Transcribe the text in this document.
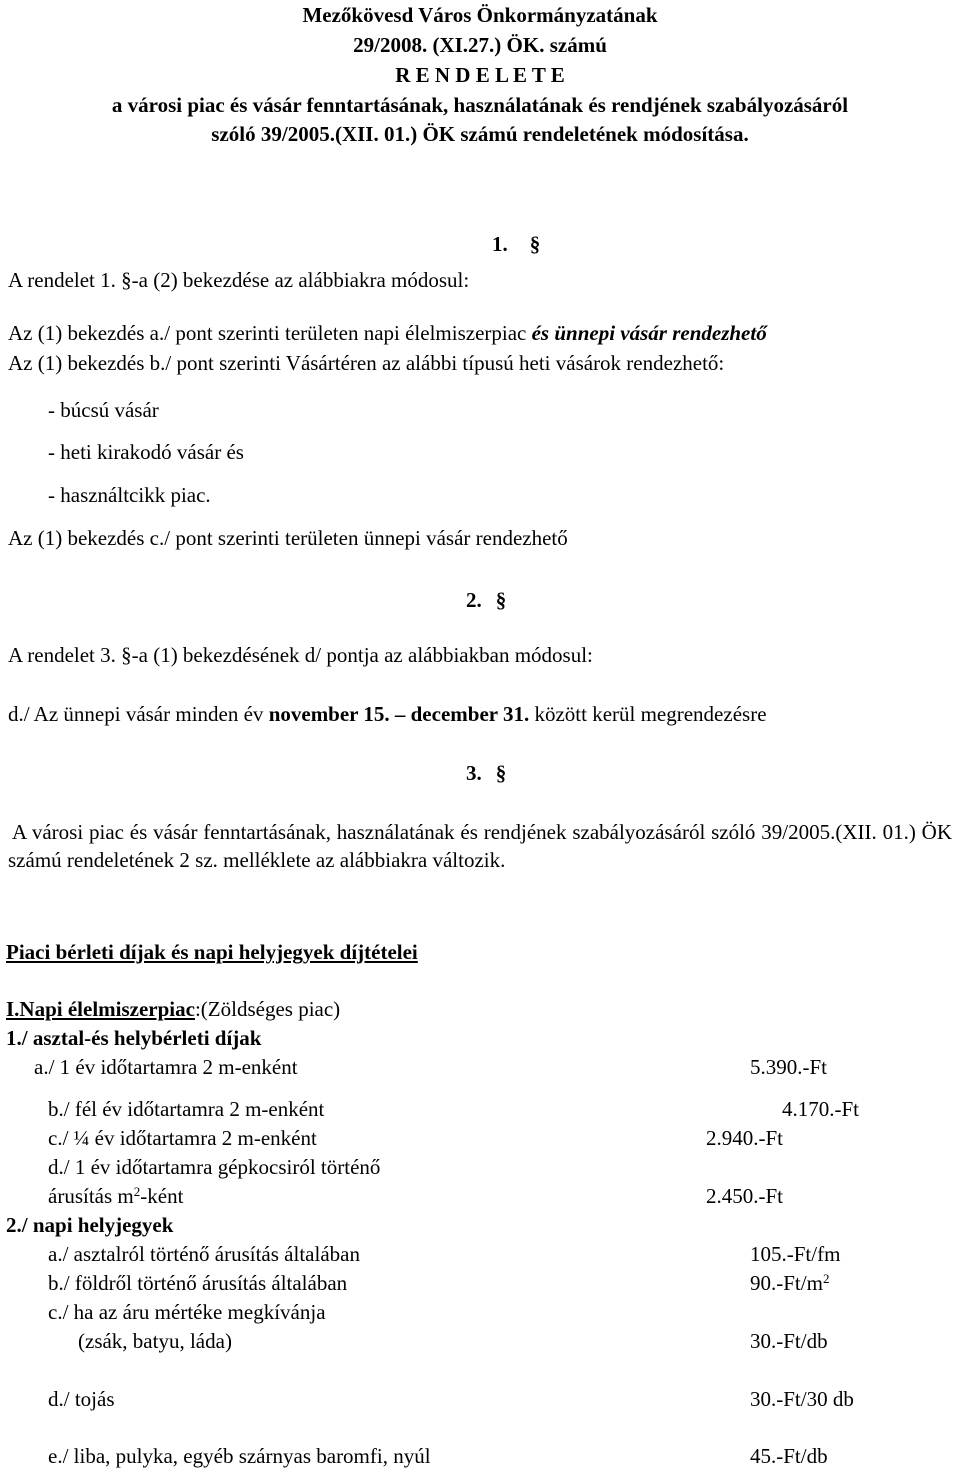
Mezőkövesd Város Önkormányzatának
29/2008. (XI.27.) ÖK. számú
R E N D E L E T E
a városi piac és vásár fenntartásának, használatának és rendjének szabályozásáról
szóló 39/2005.(XII. 01.) ÖK számú rendeletének módosítása.
1. §
A rendelet 1. §-a (2) bekezdése az alábbiakra módosul:
Az (1) bekezdés a./ pont szerinti területen napi élelmiszerpiac és ünnepi vásár rendezhető
Az (1) bekezdés b./ pont szerinti Vásártéren az alábbi típusú heti vásárok rendezhető:
- búcsú vásár
- heti kirakodó vásár és
- használtcikk piac.
Az (1) bekezdés c./ pont szerinti területen ünnepi vásár rendezhető
2. §
A rendelet 3. §-a (1) bekezdésének d/ pontja az alábbiakban módosul:
d./ Az ünnepi vásár minden év november 15. – december 31. között kerül megrendezésre
3. §
A városi piac és vásár fenntartásának, használatának és rendjének szabályozásáról szóló 39/2005.(XII. 01.) ÖK számú rendeletének 2 sz. melléklete az alábbiakra változik.
Piaci bérleti díjak és napi helyjegyek díjtételei
I.Napi élelmiszerpiac:(Zöldséges piac)
1./ asztal-és helybérleti díjak
a./ 1 év időtartamra 2 m-enként	5.390.-Ft
b./ fél év időtartamra 2 m-enként	4.170.-Ft
c./ ¼ év időtartamra 2 m-enként	2.940.-Ft
d./ 1 év időtartamra gépkocsiról történő
árusítás $m^2$-ként	2.450.-Ft
2./ napi helyjegyek
a./ asztalról történő árusítás általában	105.-Ft/fm
b./ földről történő árusítás általában	$90.-Ft/m^2$
c./ ha az áru mértéke megkívánja
(zsák, batyu, láda)	30.-Ft/db
d./ tojás	30.-Ft/30 db
e./ liba, pulyka, egyéb szárnyas baromfi, nyúl	45.-Ft/db
